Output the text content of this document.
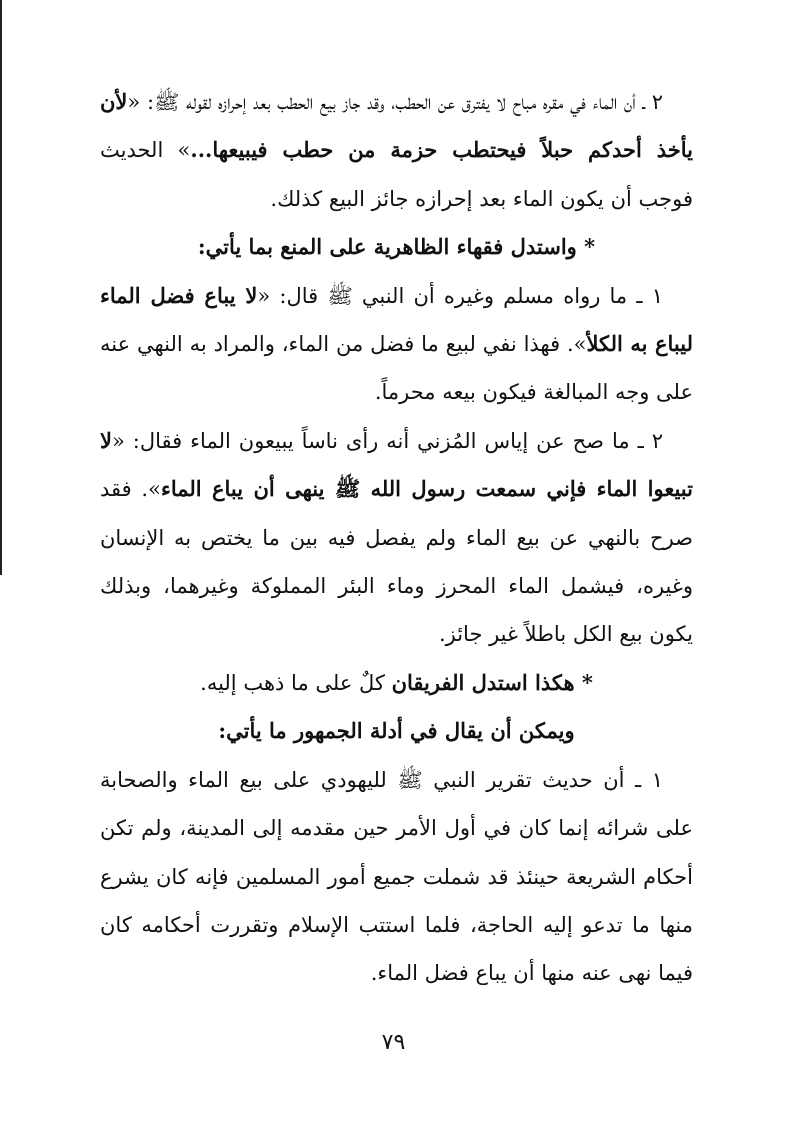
٢ ـ أن الماء في مقره مباح لا يفترق عن الحطب، وقد جاز بيع الحطب بعد إحرازه لقوله ﷺ: «لأن يأخذ أحدكم حبلاً فيحتطب حزمة من حطب فيبيعها...» الحديث فوجب أن يكون الماء بعد إحرازه جائز البيع كذلك.

* واستدل فقهاء الظاهرية على المنع بما يأتي:

١ ـ ما رواه مسلم وغيره أن النبي ﷺ قال: «لا يباع فضل الماء ليباع به الكلأ». فهذا نفي لبيع ما فضل من الماء، والمراد به النهي عنه على وجه المبالغة فيكون بيعه محرماً.

٢ ـ ما صح عن إياس المُزني أنه رأى ناساً يبيعون الماء فقال: «لا تبيعوا الماء فإني سمعت رسول الله ﷺ ينهى أن يباع الماء». فقد صرح بالنهي عن بيع الماء ولم يفصل فيه بين ما يختص به الإنسان وغيره، فيشمل الماء المحرز وماء البئر المملوكة وغيرهما، وبذلك يكون بيع الكل باطلاً غير جائز.

* هكذا استدل الفريقان كلٌ على ما ذهب إليه.

ويمكن أن يقال في أدلة الجمهور ما يأتي:

١ ـ أن حديث تقرير النبي ﷺ لليهودي على بيع الماء والصحابة على شرائه إنما كان في أول الأمر حين مقدمه إلى المدينة، ولم تكن أحكام الشريعة حينئذ قد شملت جميع أمور المسلمين فإنه كان يشرع منها ما تدعو إليه الحاجة، فلما استتب الإسلام وتقررت أحكامه كان فيما نهى عنه منها أن يباع فضل الماء.

٧٩
